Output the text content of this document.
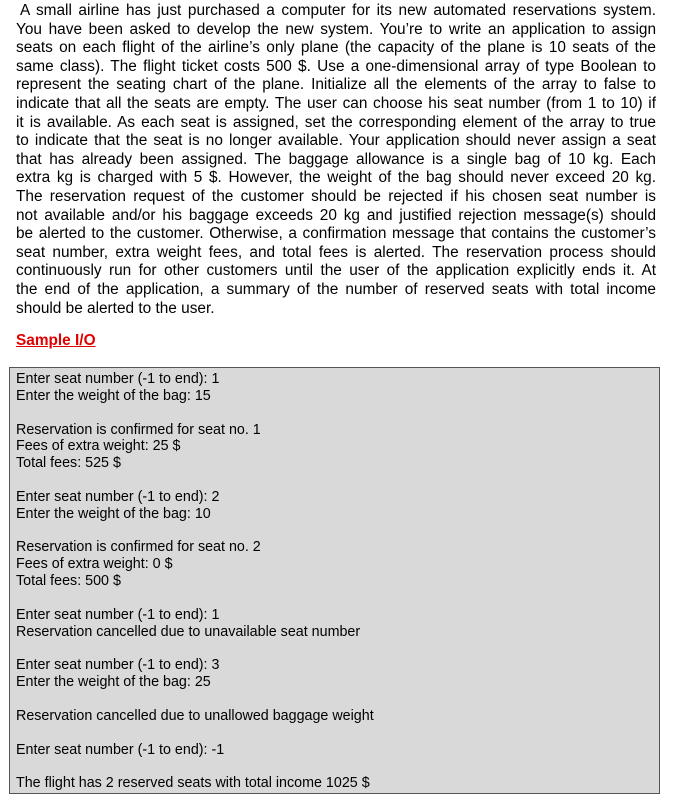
A small airline has just purchased a computer for its new automated reservations system.
You have been asked to develop the new system. You’re to write an application to assign
seats on each flight of the airline’s only plane (the capacity of the plane is 10 seats of the
same class). The flight ticket costs 500 $. Use a one-dimensional array of type Boolean to
represent the seating chart of the plane. Initialize all the elements of the array to false to
indicate that all the seats are empty. The user can choose his seat number (from 1 to 10) if
it is available. As each seat is assigned, set the corresponding element of the array to true
to indicate that the seat is no longer available. Your application should never assign a seat
that has already been assigned. The baggage allowance is a single bag of 10 kg. Each
extra kg is charged with 5 $. However, the weight of the bag should never exceed 20 kg.
The reservation request of the customer should be rejected if his chosen seat number is
not available and/or his baggage exceeds 20 kg and justified rejection message(s) should
be alerted to the customer. Otherwise, a confirmation message that contains the customer’s
seat number, extra weight fees, and total fees is alerted. The reservation process should
continuously run for other customers until the user of the application explicitly ends it. At
the end of the application, a summary of the number of reserved seats with total income
should be alerted to the user.

Sample I/O

Enter seat number (-1 to end): 1
Enter the weight of the bag: 15
Reservation is confirmed for seat no. 1
Fees of extra weight: 25 $
Total fees: 525 $
Enter seat number (-1 to end): 2
Enter the weight of the bag: 10
Reservation is confirmed for seat no. 2
Fees of extra weight: 0 $
Total fees: 500 $
Enter seat number (-1 to end): 1
Reservation cancelled due to unavailable seat number
Enter seat number (-1 to end): 3
Enter the weight of the bag: 25
Reservation cancelled due to unallowed baggage weight
Enter seat number (-1 to end): -1
The flight has 2 reserved seats with total income 1025 $
